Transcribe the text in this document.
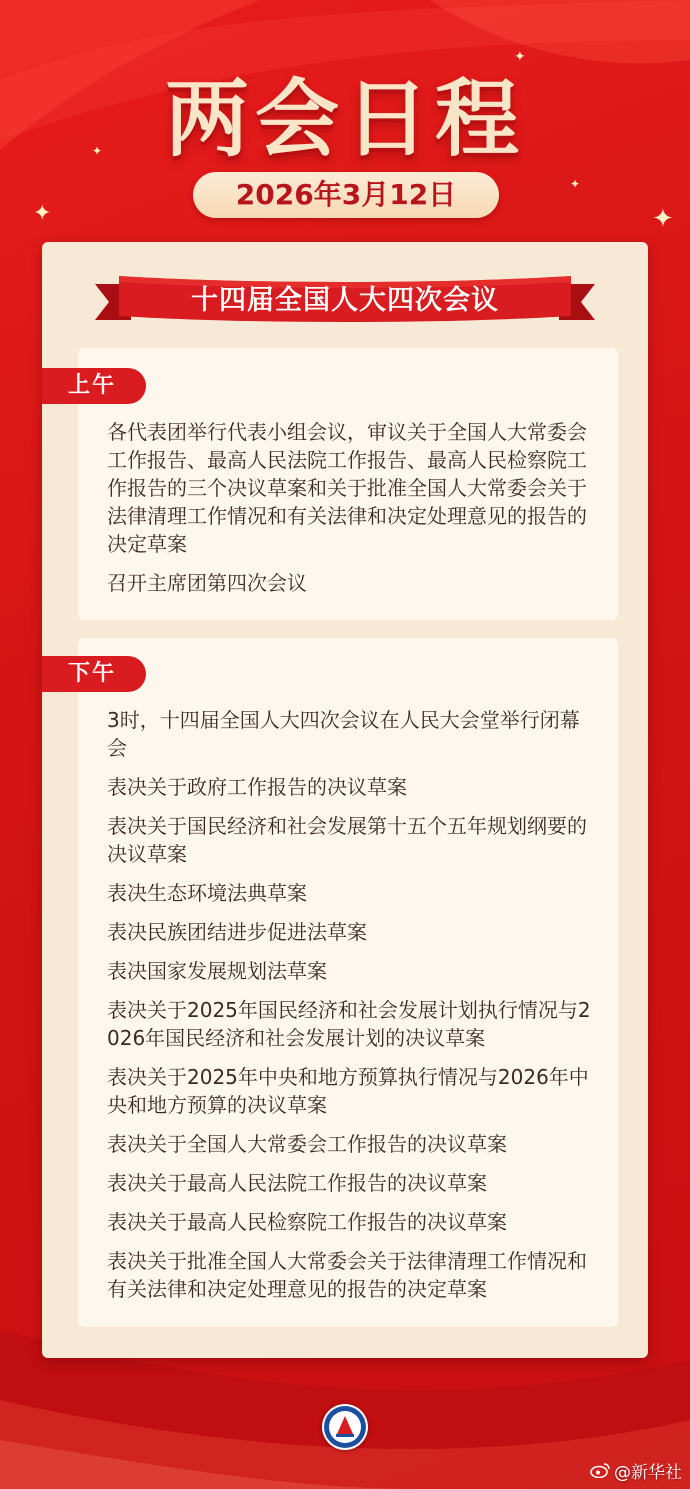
✦	✦
✦
✦
✦ 两会日程
2026年3月12日
十四届全国人大四次会议
上午
各代表团举行代表小组会议，审议关于全国人大常委会工作报告、最高人民法院工作报告、最高人民检察院工作报告的三个决议草案和关于批准全国人大常委会关于法律清理工作情况和有关法律和决定处理意见的报告的决定草案
召开主席团第四次会议
下午
3时，十四届全国人大四次会议在人民大会堂举行闭幕会
表决关于政府工作报告的决议草案
表决关于国民经济和社会发展第十五个五年规划纲要的决议草案
表决生态环境法典草案
表决民族团结进步促进法草案
表决国家发展规划法草案
表决关于2025年国民经济和社会发展计划执行情况与2026年国民经济和社会发展计划的决议草案
表决关于2025年中央和地方预算执行情况与2026年中央和地方预算的决议草案
表决关于全国人大常委会工作报告的决议草案
表决关于最高人民法院工作报告的决议草案
表决关于最高人民检察院工作报告的决议草案
表决关于批准全国人大常委会关于法律清理工作情况和有关法律和决定处理意见的报告的决定草案
@新华社
